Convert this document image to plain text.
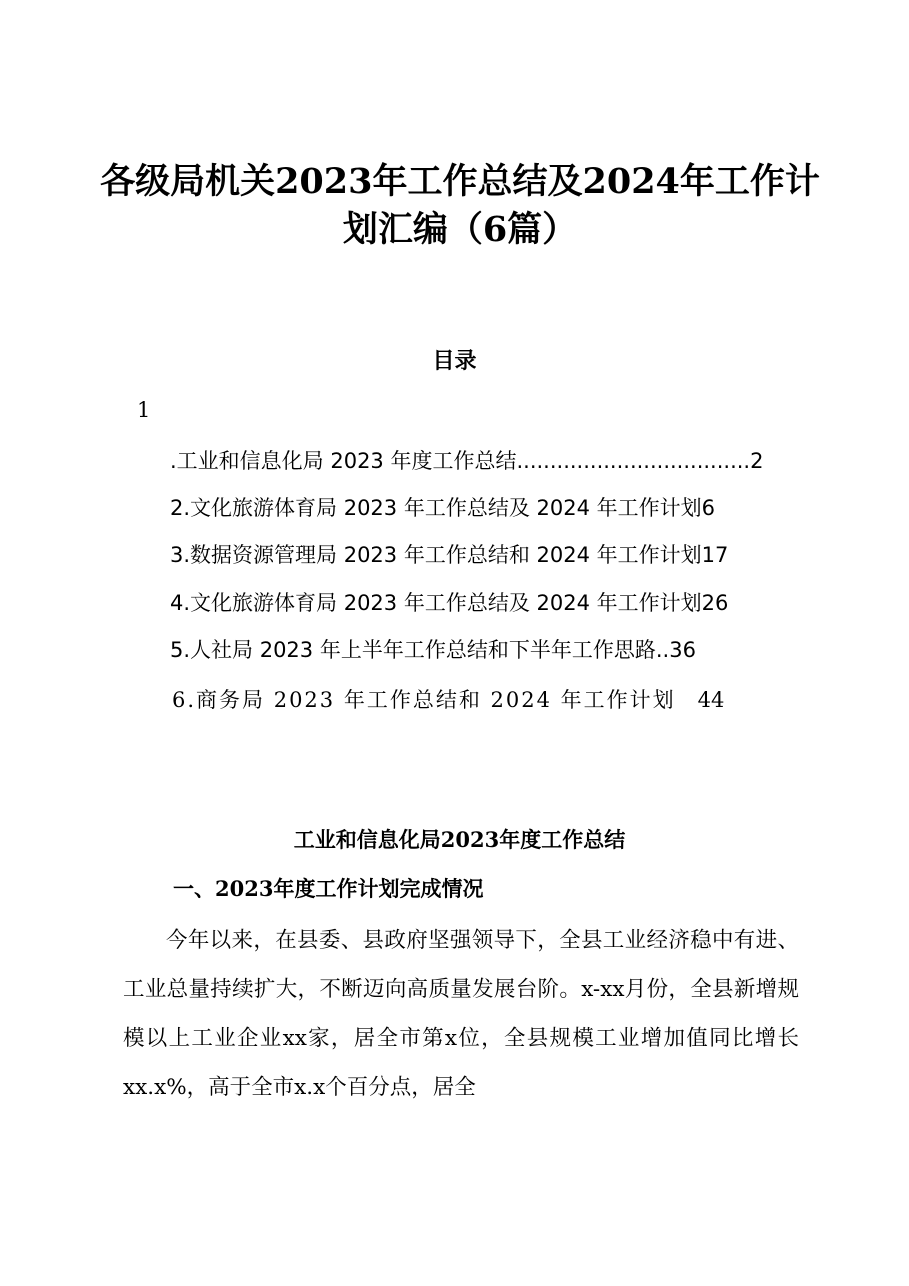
各级局机关2023年工作总结及2024年工作计划汇编（6篇）
目录
1
.工业和信息化局 2023 年度工作总结...................................2
2.文化旅游体育局 2023 年工作总结及 2024 年工作计划6
3.数据资源管理局 2023 年工作总结和 2024 年工作计划17
4.文化旅游体育局 2023 年工作总结及 2024 年工作计划26
5.人社局 2023 年上半年工作总结和下半年工作思路..36
6.商务局 2023 年工作总结和 2024 年工作计划 44
工业和信息化局2023年度工作总结
一、2023年度工作计划完成情况
今年以来，在县委、县政府坚强领导下，全县工业经济稳中有进、工业总量持续扩大，不断迈向高质量发展台阶。x-xx月份，全县新增规模以上工业企业xx家，居全市第x位，全县规模工业增加值同比增长xx.x%，高于全市x.x个百分点，居全
